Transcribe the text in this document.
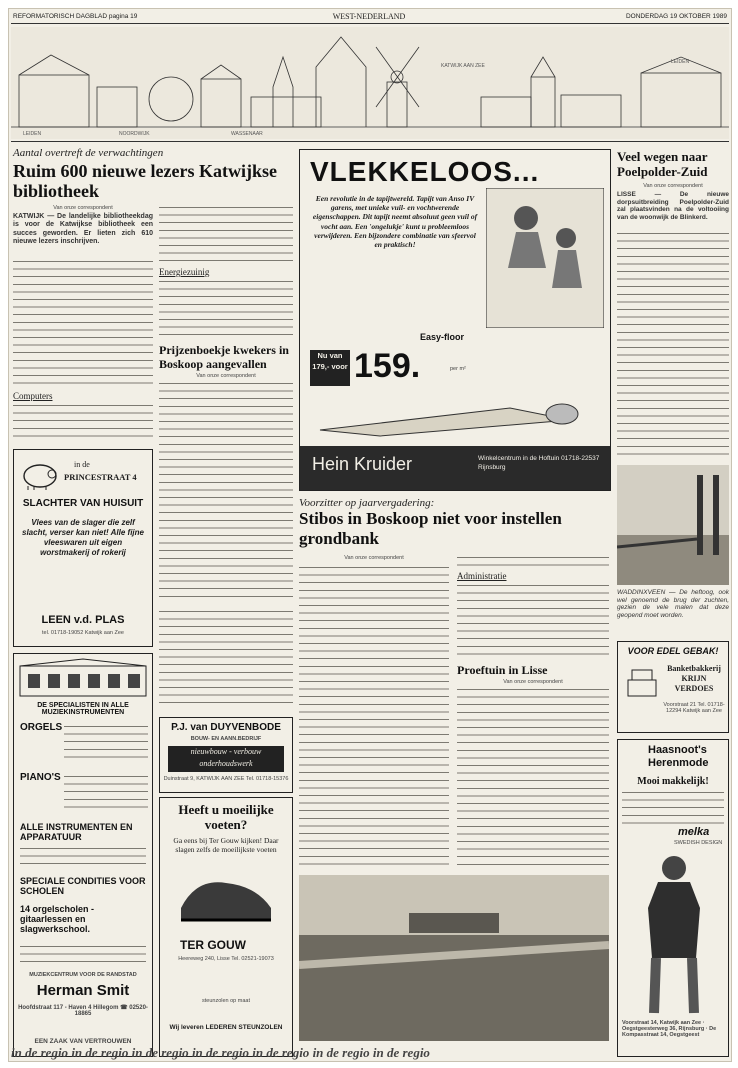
REFORMATORISCH DAGBLAD pagina 19	WEST-NEDERLAND	DONDERDAG 19 OKTOBER 1989
LEIDEN
KATWIJK AAN ZEE
NOORDWIJK	WASSENAAR
LEIDEN
Aantal overtreft de verwachtingen
Ruim 600 nieuwe lezers Katwijkse bibliotheek
Van onze correspondent
KATWIJK — De landelijke bibliotheekdag is voor de Katwijkse bibliotheek een succes geworden. Er lieten zich 610 nieuwe lezers inschrijven.
Computers
Energiezuinig
Prijzenboekje kwekers in Boskoop aangevallen
Van onze correspondent
in de
PRINCESTRAAT 4
SLACHTER VAN HUISUIT
Vlees van de slager die zelf slacht, verser kan niet! Alle fijne vleeswaren uit eigen worstmakerij of rokerij
LEEN v.d. PLAS
tel. 01718-19052 Katwijk aan Zee
DE SPECIALISTEN IN ALLE MUZIEKINSTRUMENTEN
ORGELS
PIANO'S
ALLE INSTRUMENTEN EN APPARATUUR
SPECIALE CONDITIES VOOR SCHOLEN
14 orgelscholen - gitaarlessen en slagwerkschool.
MUZIEKCENTRUM VOOR DE RANDSTAD
Herman Smit
Hoofdstraat 117 - Haven 4 Hillegom ☎ 02520-18865
EEN ZAAK VAN VERTROUWEN
P.J. van DUYVENBODE
BOUW- EN AANN.BEDRIJF
nieuwbouw - verbouw onderhoudswerk
Duinstraat 9, KATWIJK AAN ZEE Tel. 01718-15376
Heeft u moeilijke voeten?
Ga eens bij Ter Gouw kijken! Daar slagen zelfs de moeilijkste voeten
TER GOUW
Heereweg 240, Lisse Tel. 02521-19073
steunzolen op maat
Wij leveren LEDEREN STEUNZOLEN
VLEKKELOOS...
Een revolutie in de tapijtwereld. Tapijt van Anso IV garens, met unieke vuil- en vochtwerende eigenschappen. Dit tapijt neemt absoluut geen vuil of vocht aan. Een 'ongelukje' kunt u probleemloos verwijderen. Een bijzondere combinatie van sfeervol en praktisch!
Easy-floor
Nu van 179,- voor 159.	per m²
Hein Kruider	Winkelcentrum in de Hoftuin 01718-22537 Rijnsburg
Voorzitter op jaarvergadering:
Stibos in Boskoop niet voor instellen grondbank
Van onze correspondent
Administratie
Proeftuin in Lisse
Van onze correspondent
Veel wegen naar Poelpolder-Zuid
Van onze correspondent
LISSE — De nieuwe dorpsuitbreiding Poelpolder-Zuid zal plaatsvinden na de voltooiing van de woonwijk de Blinkerd.
WADDINXVEEN — De heftoog, ook wel genoemd de brug der zuchten, gezien de vele malen dat deze geopend moet worden.
VOOR EDEL GEBAK!
Banketbakkerij KRIJN VERDOES
Voorstraat 21 Tel. 01718-12294 Katwijk aan Zee
Haasnoot's Herenmode
Mooi makkelijk!
melka
SWEDISH DESIGN
Voorstraat 14, Katwijk aan Zee · Oegstgeesterweg 36, Rijnsburg · De Kompasstraat 14, Oegstgeest
in de regio in de regio in de regio in de regio in de regio in de regio in de regio
